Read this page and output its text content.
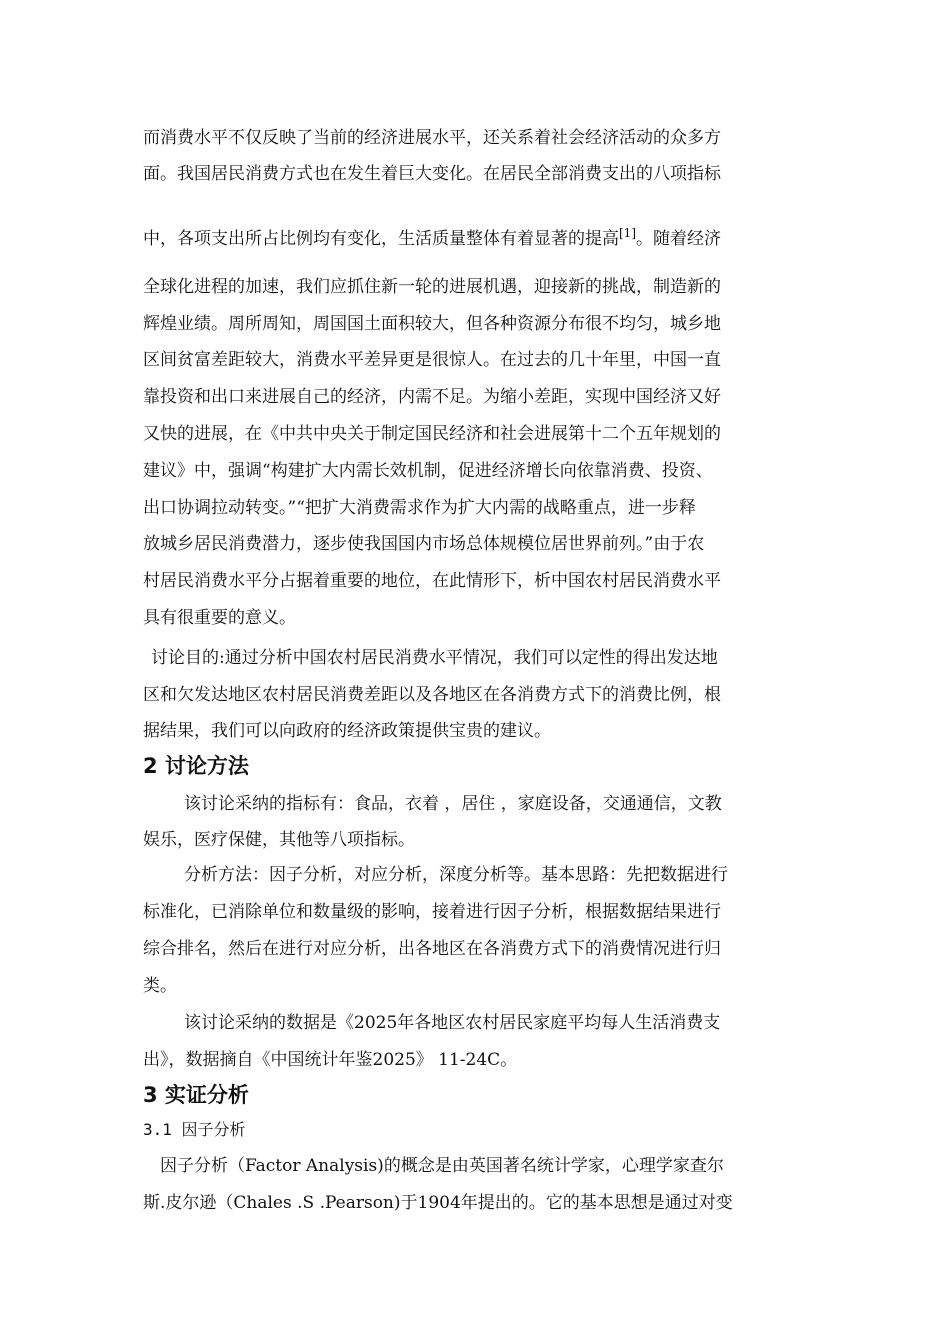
而消费水平不仅反映了当前的经济进展水平，还关系着社会经济活动的众多方
面。我国居民消费方式也在发生着巨大变化。在居民全部消费支出的八项指标
中，各项支出所占比例均有变化，生活质量整体有着显著的提高[1]。随着经济
全球化进程的加速，我们应抓住新一轮的进展机遇，迎接新的挑战，制造新的
辉煌业绩。周所周知，周国国土面积较大，但各种资源分布很不均匀，城乡地
区间贫富差距较大，消费水平差异更是很惊人。在过去的几十年里，中国一直
靠投资和出口来进展自己的经济，内需不足。为缩小差距，实现中国经济又好
又快的进展，在《中共中央关于制定国民经济和社会进展第十二个五年规划的
建议》中，强调“构建扩大内需长效机制，促进经济增长向依靠消费、投资、
出口协调拉动转变。”“把扩大消费需求作为扩大内需的战略重点，进一步释
放城乡居民消费潜力，逐步使我国国内市场总体规模位居世界前列。”由于农
村居民消费水平分占据着重要的地位，在此情形下，析中国农村居民消费水平
具有很重要的意义。
讨论目的:通过分析中国农村居民消费水平情况，我们可以定性的得出发达地
区和欠发达地区农村居民消费差距以及各地区在各消费方式下的消费比例，根
据结果，我们可以向政府的经济政策提供宝贵的建议。
2 讨论方法
该讨论采纳的指标有：食品，衣着 ，居住 ，家庭设备，交通通信，文教
娱乐，医疗保健，其他等八项指标。
分析方法：因子分析，对应分析，深度分析等。基本思路：先把数据进行
标准化，已消除单位和数量级的影响，接着进行因子分析，根据数据结果进行
综合排名，然后在进行对应分析，出各地区在各消费方式下的消费情况进行归
类。
该讨论采纳的数据是《2025年各地区农村居民家庭平均每人生活消费支
出》，数据摘自《中国统计年鉴2025》 11-24C。
3 实证分析
3.1 因子分析
因子分析（Factor Analysis)的概念是由英国著名统计学家，心理学家查尔
斯.皮尔逊（Chales .S .Pearson)于1904年提出的。它的基本思想是通过对变
